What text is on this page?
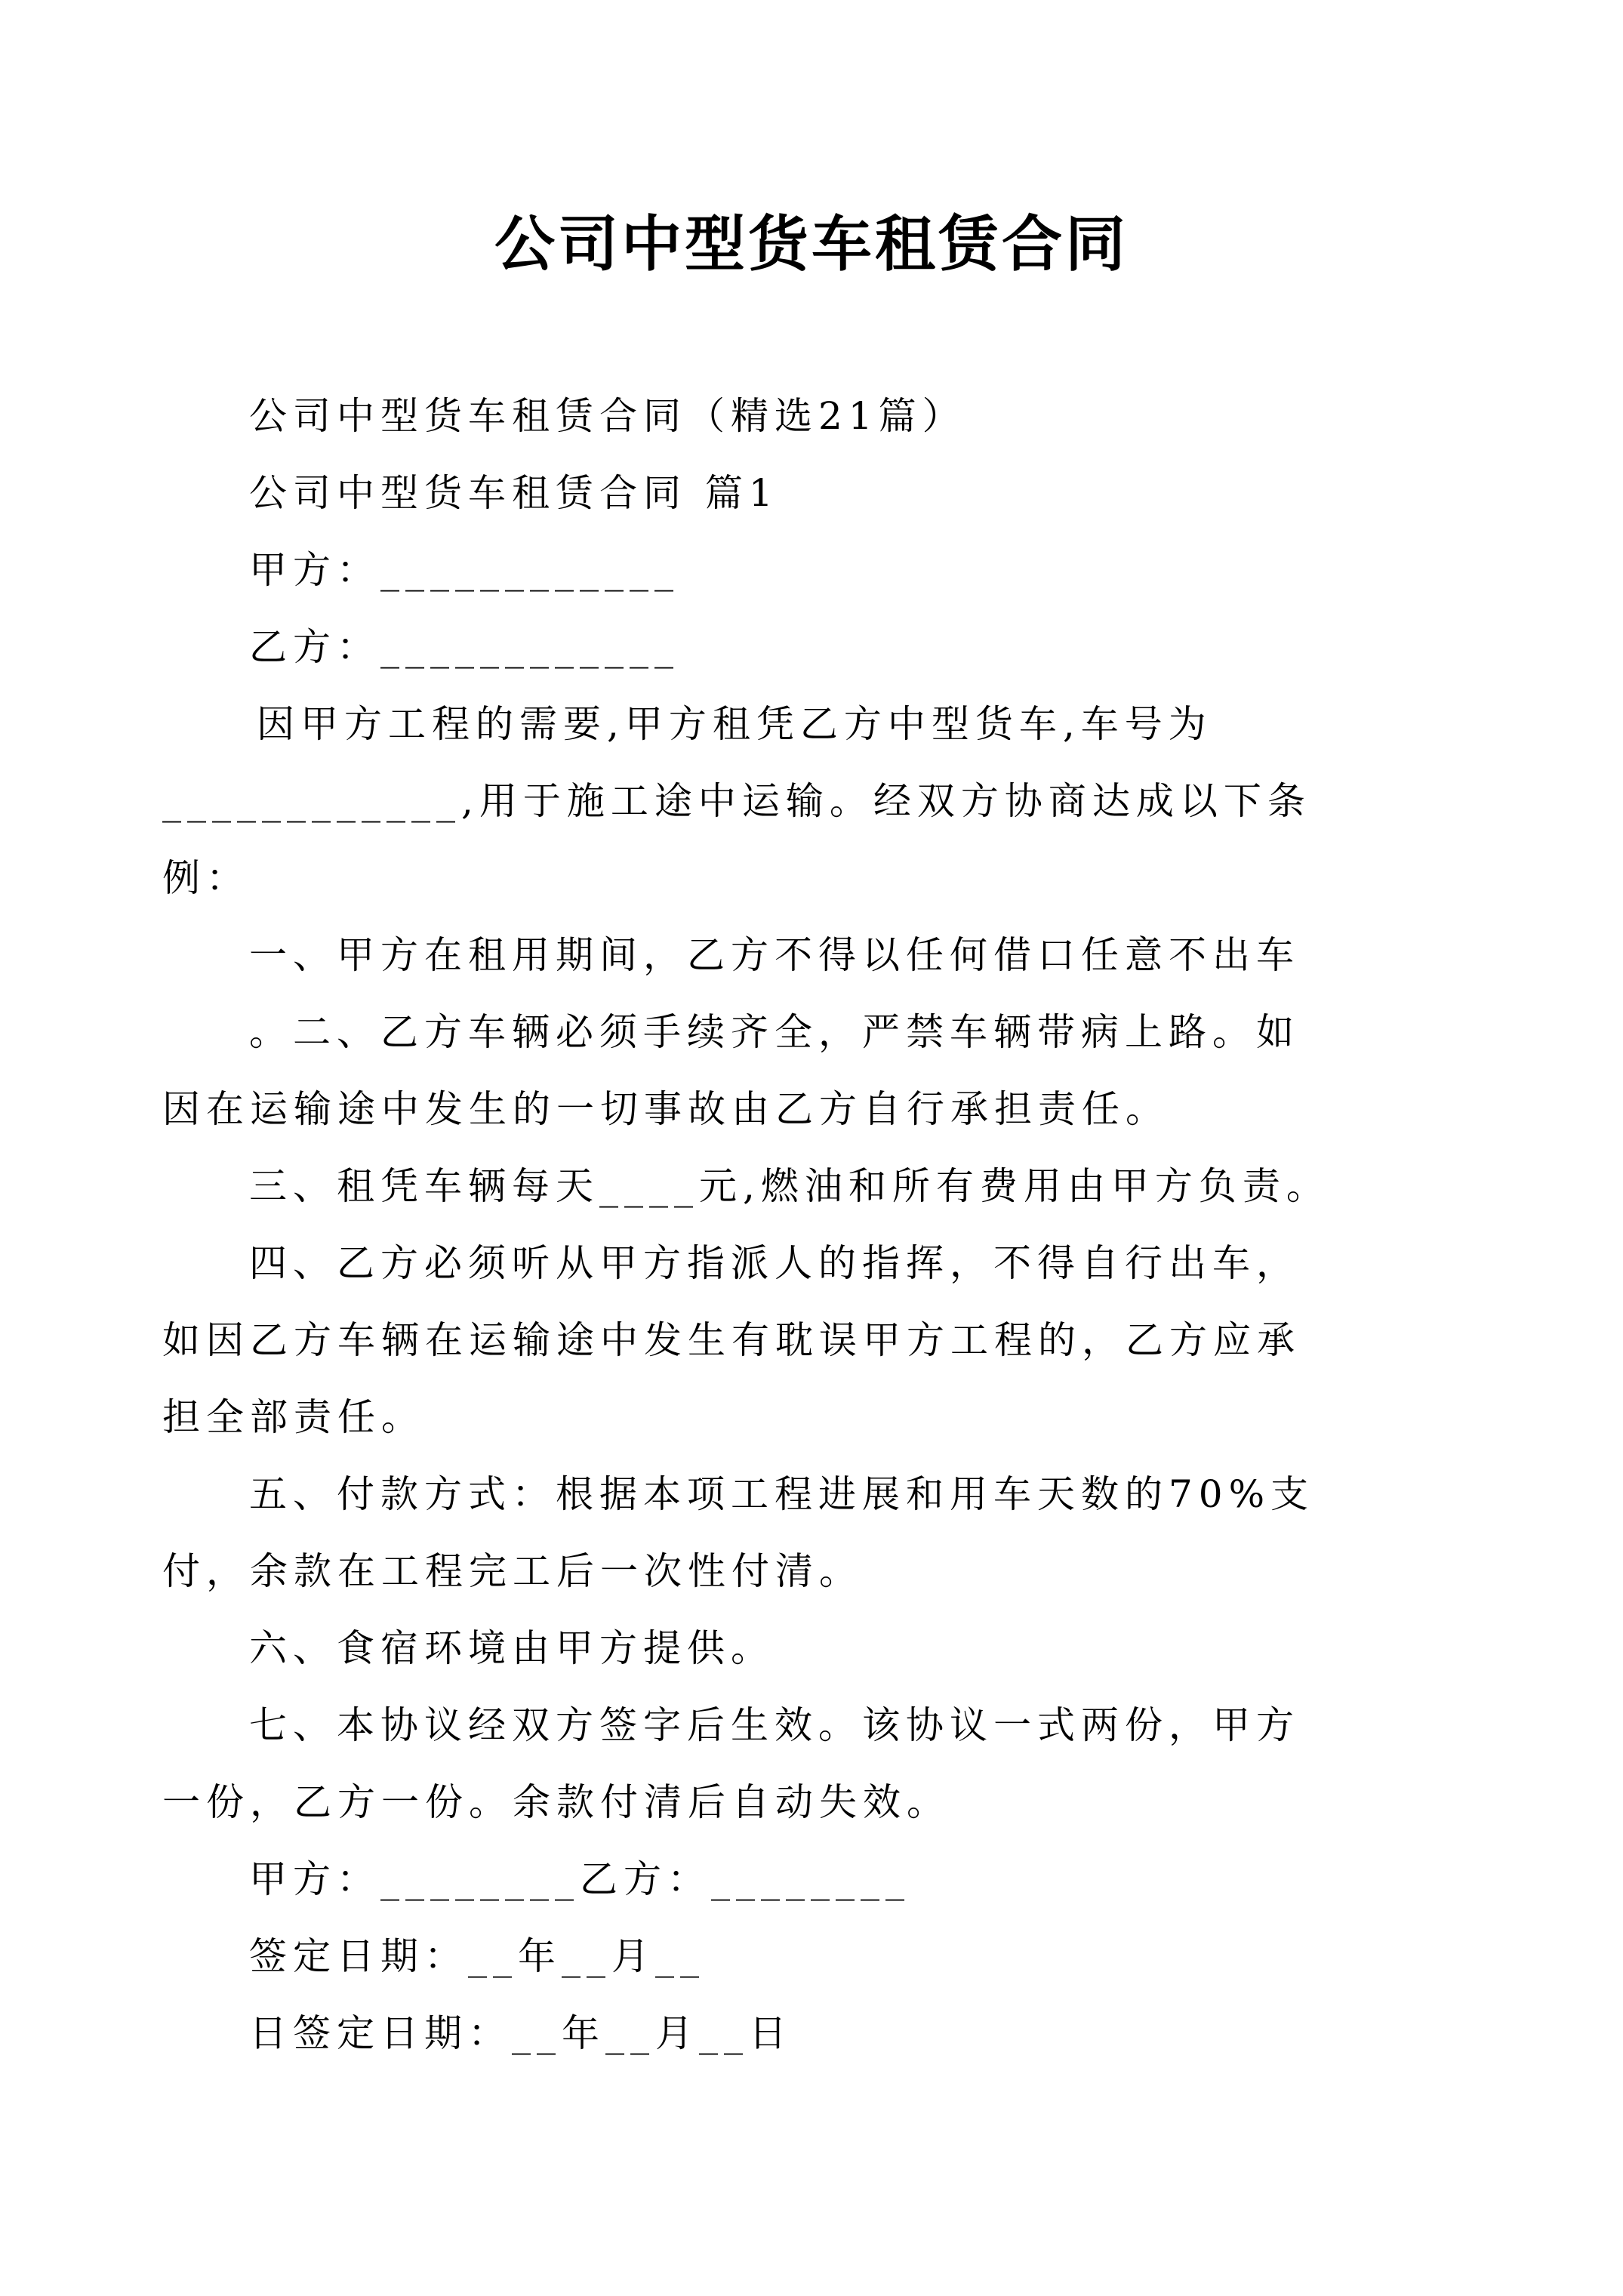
公司中型货车租赁合同

公司中型货车租赁合同（精选21篇）

公司中型货车租赁合同 篇1

甲方：____________

乙方：____________

因甲方工程的需要,甲方租凭乙方中型货车,车号为

____________,用于施工途中运输。经双方协商达成以下条

例：

一、甲方在租用期间，乙方不得以任何借口任意不出车

。二、乙方车辆必须手续齐全，严禁车辆带病上路。如

因在运输途中发生的一切事故由乙方自行承担责任。

三、租凭车辆每天____元,燃油和所有费用由甲方负责。

四、乙方必须听从甲方指派人的指挥，不得自行出车，

如因乙方车辆在运输途中发生有耽误甲方工程的，乙方应承

担全部责任。

五、付款方式：根据本项工程进展和用车天数的70%支

付，余款在工程完工后一次性付清。

六、食宿环境由甲方提供。

七、本协议经双方签字后生效。该协议一式两份，甲方

一份，乙方一份。余款付清后自动失效。

甲方：________乙方：________

签定日期：__年__月__

日签定日期：__年__月__日
